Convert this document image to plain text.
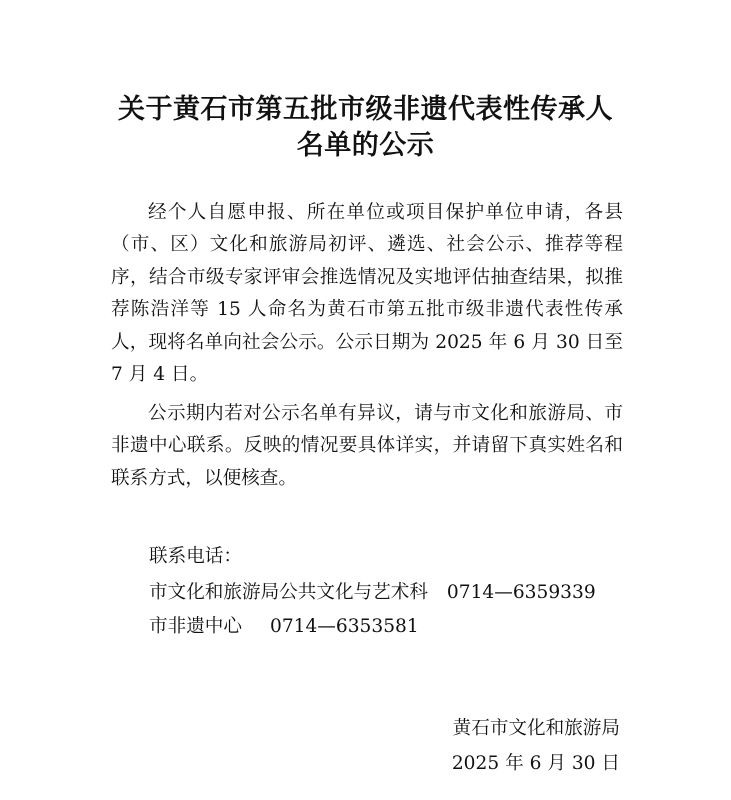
关于黄石市第五批市级非遗代表性传承人
名单的公示
经个人自愿申报、所在单位或项目保护单位申请，各县（市、区）文化和旅游局初评、遴选、社会公示、推荐等程序，结合市级专家评审会推选情况及实地评估抽查结果，拟推荐陈浩洋等 15 人命名为黄石市第五批市级非遗代表性传承人，现将名单向社会公示。公示日期为 2025 年 6 月 30 日至 7 月 4 日。
公示期内若对公示名单有异议，请与市文化和旅游局、市非遗中心联系。反映的情况要具体详实，并请留下真实姓名和联系方式，以便核查。
联系电话：
市文化和旅游局公共文化与艺术科 0714—6359339
市非遗中心 0714—6353581
黄石市文化和旅游局
2025 年 6 月 30 日
